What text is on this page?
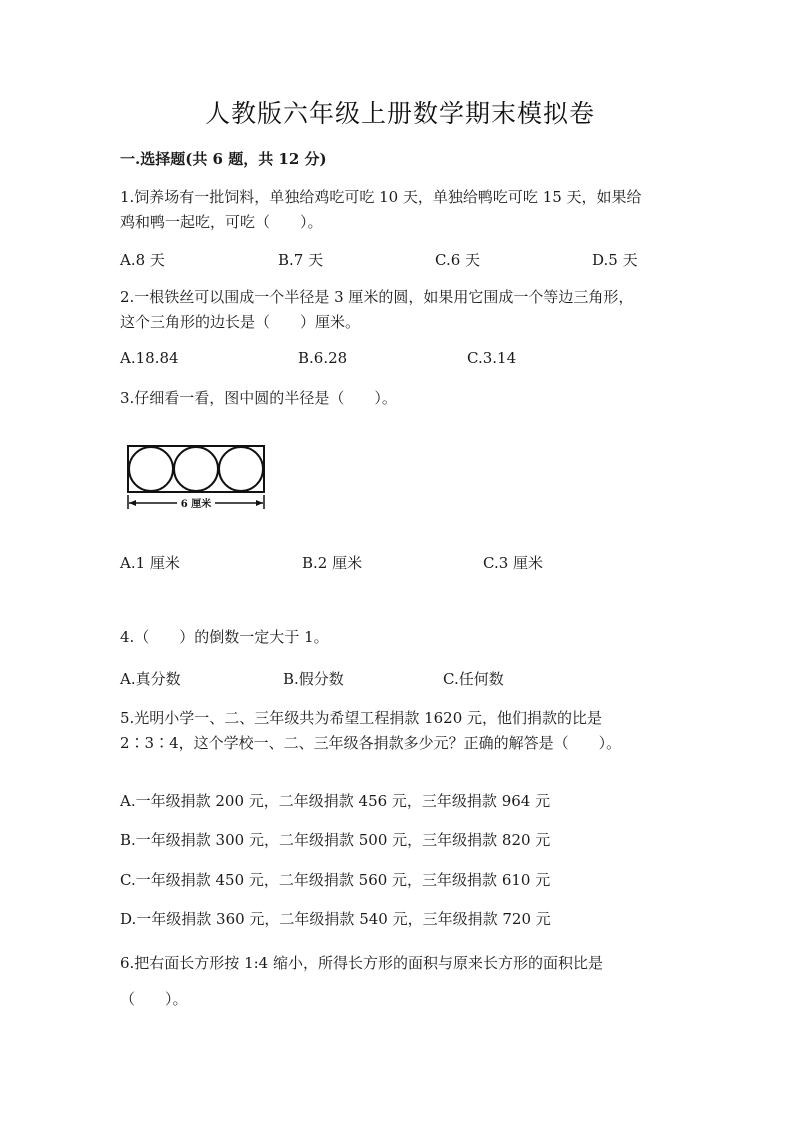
人教版六年级上册数学期末模拟卷
一.选择题(共 6 题，共 12 分)
1.饲养场有一批饲料，单独给鸡吃可吃 10 天，单独给鸭吃可吃 15 天，如果给
鸡和鸭一起吃，可吃（　　）。
A.8 天	B.7 天	C.6 天	D.5 天
2.一根铁丝可以围成一个半径是 3 厘米的圆，如果用它围成一个等边三角形，
这个三角形的边长是（　　）厘米。
A.18.84	B.6.28	C.3.14
3.仔细看一看，图中圆的半径是（　　）。
6 厘米
A.1 厘米	B.2 厘米	C.3 厘米
4.（　　）的倒数一定大于 1。
A.真分数	B.假分数	C.任何数
5.光明小学一、二、三年级共为希望工程捐款 1620 元，他们捐款的比是
2∶3∶4，这个学校一、二、三年级各捐款多少元？正确的解答是（　　）。
A.一年级捐款 200 元，二年级捐款 456 元，三年级捐款 964 元
B.一年级捐款 300 元，二年级捐款 500 元，三年级捐款 820 元
C.一年级捐款 450 元，二年级捐款 560 元，三年级捐款 610 元
D.一年级捐款 360 元，二年级捐款 540 元，三年级捐款 720 元
6.把右面长方形按 1:4 缩小，所得长方形的面积与原来长方形的面积比是
（　　）。
